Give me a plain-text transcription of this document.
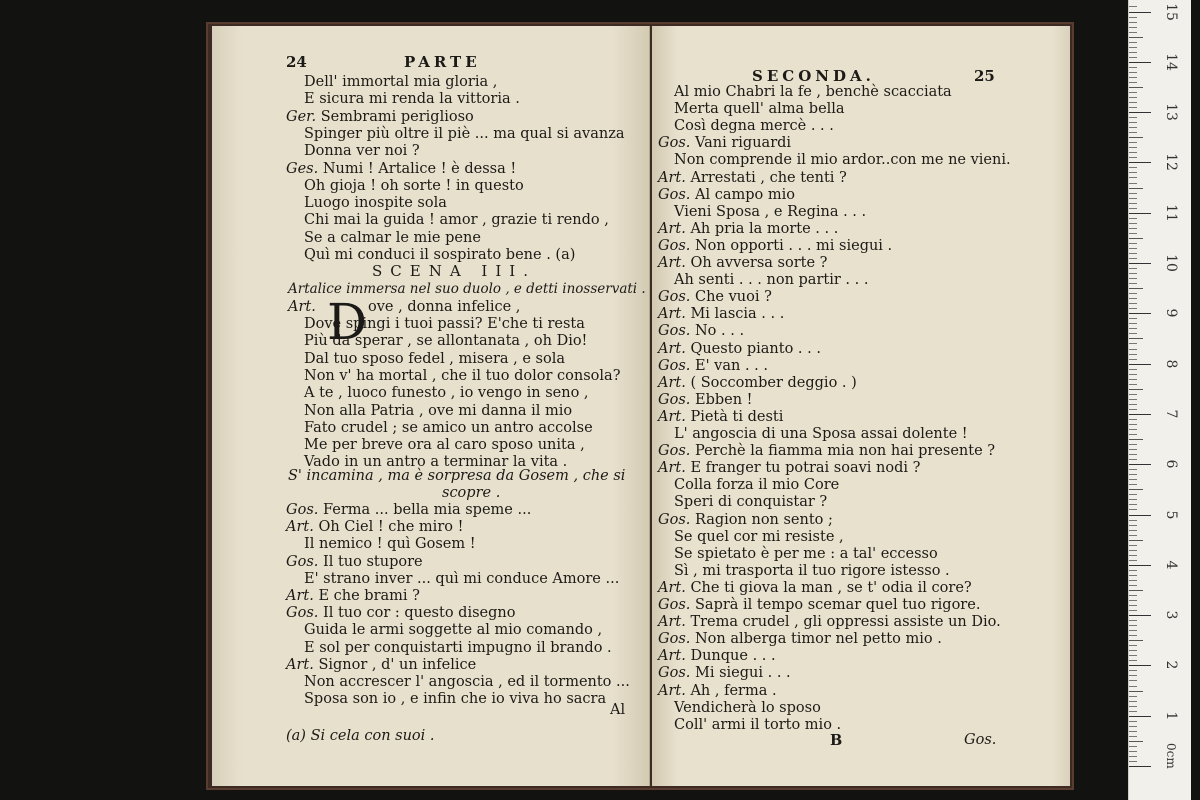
24	PARTE
Dell' immortal mia gloria ,
E sicura mi renda la vittoria .
Ger. Sembrami periglioso
Spinger più oltre il piè ... ma qual si avanza
Donna ver noi ?
Ges. Numi ! Artalice ! è dessa !
Oh gioja ! oh sorte ! in questo
Luogo inospite sola
Chi mai la guida ! amor , grazie ti rendo ,
Se a calmar le mie pene
Quì mi conduci il sospirato bene . (a)
SCENA III.
Artalice immersa nel suo duolo , e detti inosservati .
Art. D ove , donna infelice ,
Dove spingi i tuoi passi? E'che ti resta
Più da sperar , se allontanata , oh Dio!
Dal tuo sposo fedel , misera , e sola
Non v' ha mortal , che il tuo dolor consola?
A te , luoco funesto , io vengo in seno ,
Non alla Patria , ove mi danna il mio
Fato crudel ; se amico un antro accolse
Me per breve ora al caro sposo unita ,
Vado in un antro a terminar la vita .
S' incamina , ma è sorpresa da Gosem , che si
scopre .
Gos. Ferma ... bella mia speme ...
Art. Oh Ciel ! che miro !
Il nemico ! quì Gosem !
Gos. Il tuo stupore
E' strano inver ... quì mi conduce Amore ...
Art. E che brami ?
Gos. Il tuo cor : questo disegno
Guida le armi soggette al mio comando ,
E sol per conquistarti impugno il brando .
Art. Signor , d' un infelice
Non accrescer l' angoscia , ed il tormento ...
Sposa son io , e infin che io viva ho sacra
Al
(a) Si cela con suoi .
SECONDA.	25
Al mio Chabri la fe , benchè scacciata
Merta quell' alma bella
Così degna mercè . . .
Gos. Vani riguardi
Non comprende il mio ardor..con me ne vieni.
Art. Arrestati , che tenti ?
Gos. Al campo mio
Vieni Sposa , e Regina . . .
Art. Ah pria la morte . . .
Gos. Non opporti . . . mi siegui .
Art. Oh avversa sorte ?
Ah senti . . . non partir . . .
Gos. Che vuoi ?
Art. Mi lascia . . .
Gos. No . . .
Art. Questo pianto . . .
Gos. E' van . . .
Art. ( Soccomber deggio . )
Gos. Ebben !
Art. Pietà ti desti
L' angoscia di una Sposa assai dolente !
Gos. Perchè la fiamma mia non hai presente ?
Art. E franger tu potrai soavi nodi ?
Colla forza il mio Core
Speri di conquistar ?
Gos. Ragion non sento ;
Se quel cor mi resiste ,
Se spietato è per me : a tal' eccesso
Sì , mi trasporta il tuo rigore istesso .
Art. Che ti giova la man , se t' odia il core?
Gos. Saprà il tempo scemar quel tuo rigore.
Art. Trema crudel , gli oppressi assiste un Dio.
Gos. Non alberga timor nel petto mio .
Art. Dunque . . .
Gos. Mi siegui . . .
Art. Ah , ferma .
Vendicherà lo sposo
Coll' armi il torto mio .
B	Gos.
0cm
1
2
3
4
5
6
7
8
9
10
11
12
13
14
15
